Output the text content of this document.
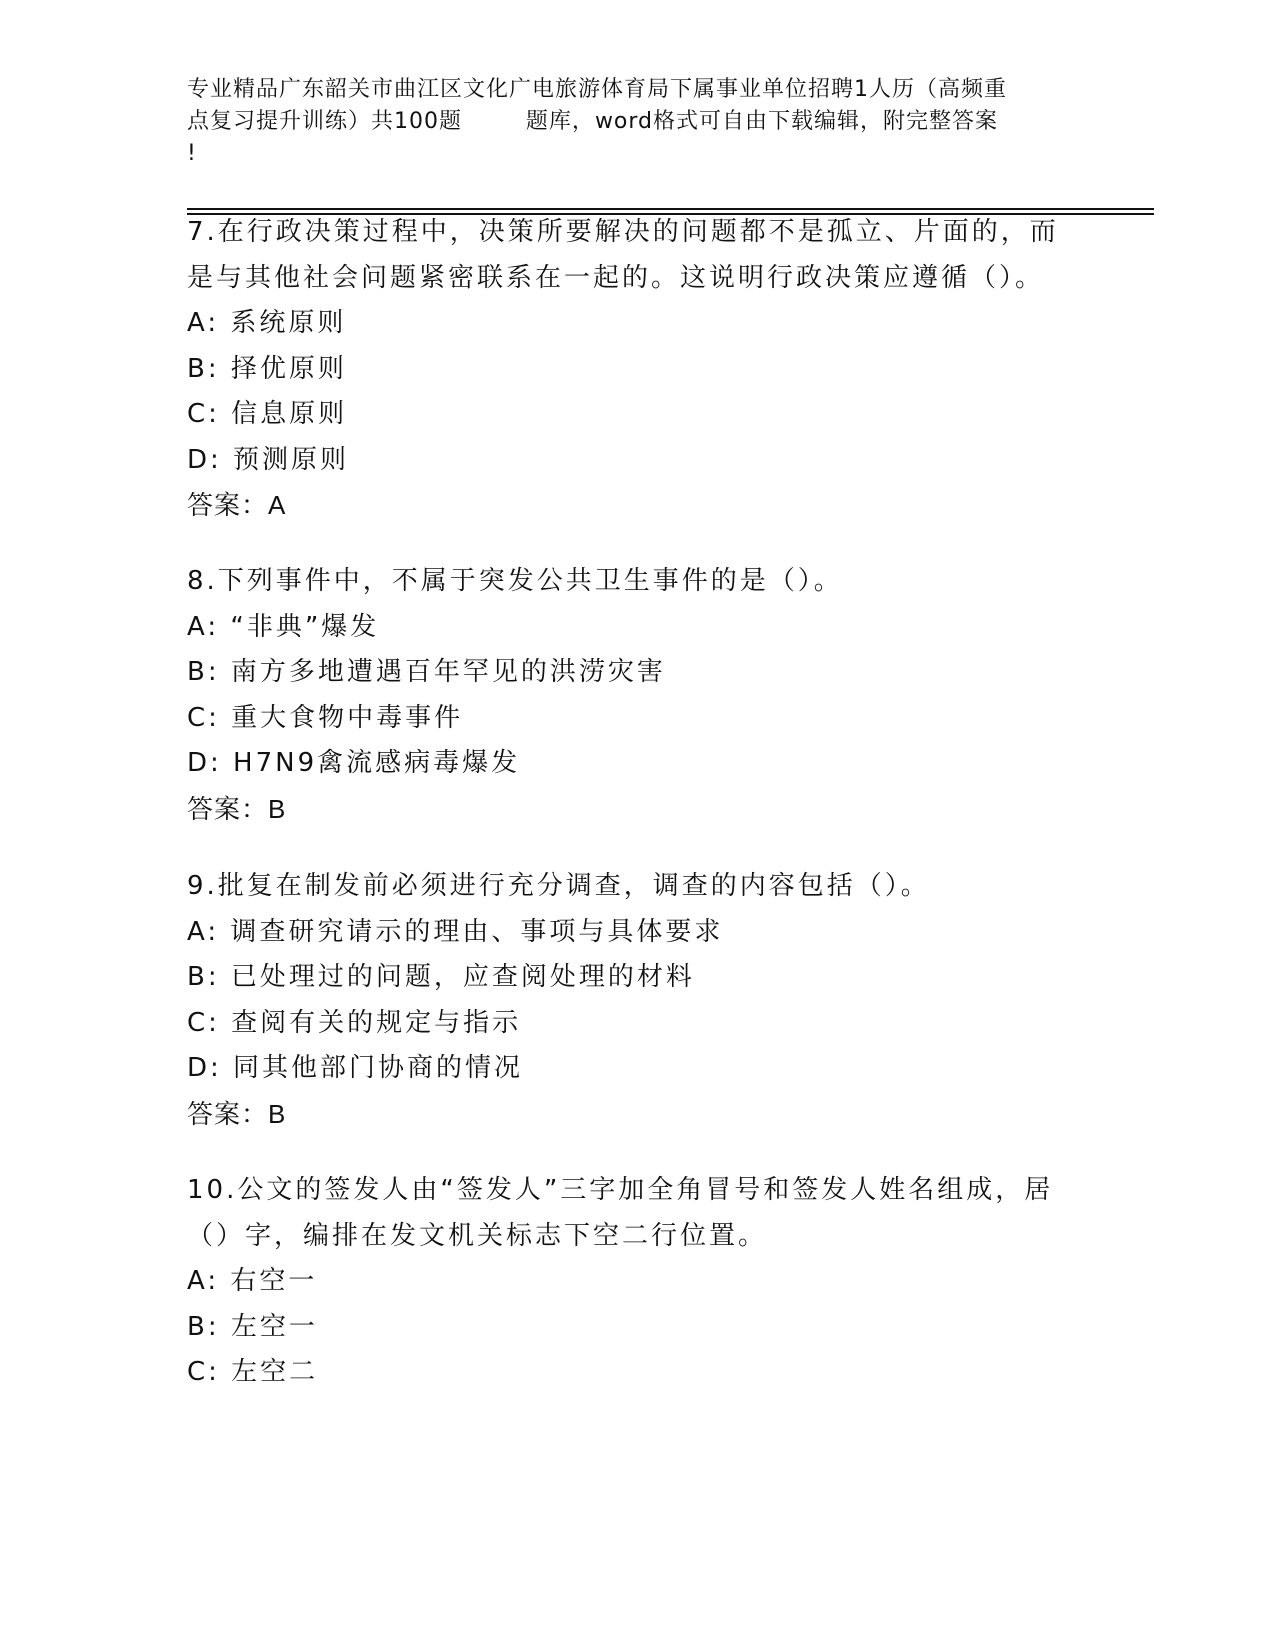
专业精品广东韶关市曲江区文化广电旅游体育局下属事业单位招聘1人历（高频重
点复习提升训练）共100题        题库，word格式可自由下载编辑，附完整答案
!
7.在行政决策过程中，决策所要解决的问题都不是孤立、片面的，而
是与其他社会问题紧密联系在一起的。这说明行政决策应遵循（）。
A: 系统原则
B: 择优原则
C: 信息原则
D: 预测原则
答案：A
8.下列事件中，不属于突发公共卫生事件的是（）。
A: “非典”爆发
B: 南方多地遭遇百年罕见的洪涝灾害
C: 重大食物中毒事件
D: H7N9禽流感病毒爆发
答案：B
9.批复在制发前必须进行充分调查，调查的内容包括（）。
A: 调查研究请示的理由、事项与具体要求
B: 已处理过的问题，应查阅处理的材料
C: 查阅有关的规定与指示
D: 同其他部门协商的情况
答案：B
10.公文的签发人由“签发人”三字加全角冒号和签发人姓名组成，居
（）字，编排在发文机关标志下空二行位置。
A: 右空一
B: 左空一
C: 左空二
